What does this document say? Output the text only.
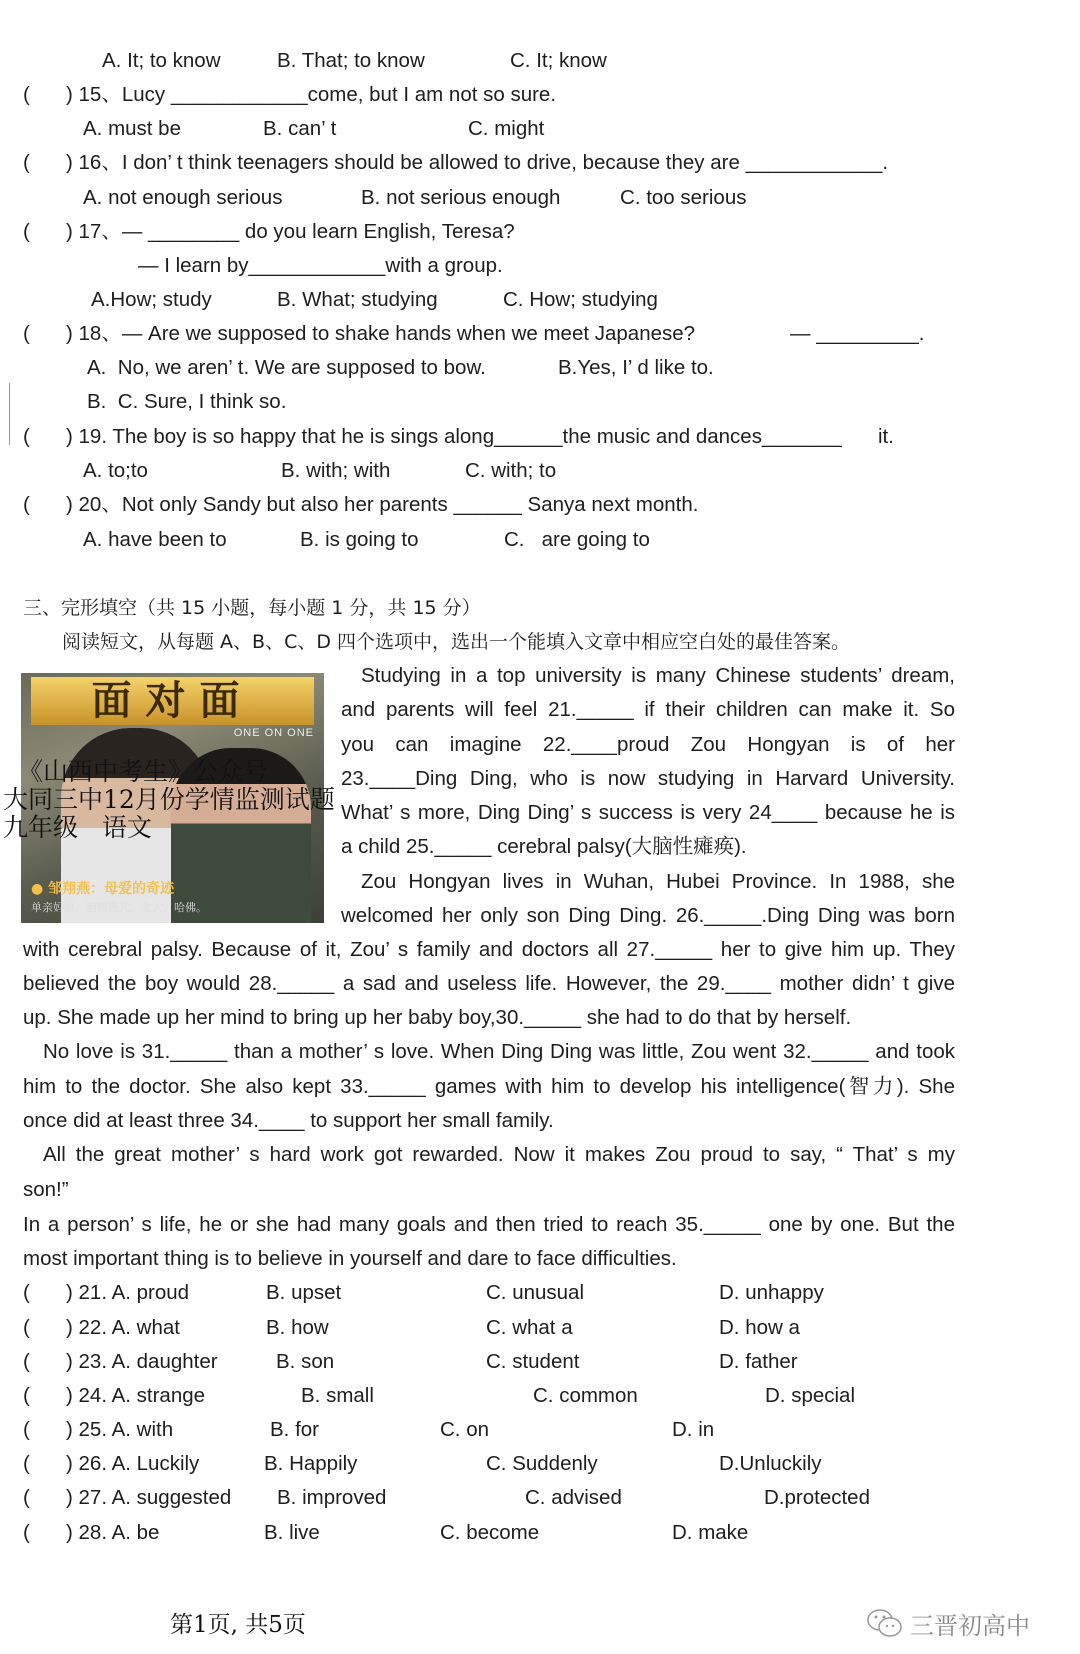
A. It; to know	B. That; to know	C. It; know
( ) 15、Lucy ____________come, but I am not so sure.
A. must be	B. can’ t	C. might
( ) 16、I don’ t think teenagers should be allowed to drive, because they are ____________.
A. not enough serious	B. not serious enough	C. too serious
( ) 17、— ________ do you learn English, Teresa?
— I learn by____________with a group.
A.How; study	B. What; studying	C. How; studying
( ) 18、— Are we supposed to shake hands when we meet Japanese?	— _________.
A.  No, we aren’ t. We are supposed to bow.	B.Yes, I’ d like to.
B.  C. Sure, I think so.
( ) 19. The boy is so happy that he is sings along______the music and dances_______ it.
A. to;to	B. with; with	C. with; to
( ) 20、Not only Sandy but also her parents ______ Sanya next month.
A. have been to	B. is going to	C.   are going to
三、完形填空（共 15 小题，每小题 1 分，共 15 分）
阅读短文，从每题 A、B、C、D 四个选项中，选出一个能填入文章中相应空白处的最佳答案。
面对面
ONE ON ONE
● 邹翔燕：母爱的奇迹
单亲妈妈，脑瘫患儿，北大，哈佛。
Studying in a top university is many Chinese students’ dream,
and parents will feel 21._____ if their children can make it. So
you can imagine 22.____proud Zou Hongyan is of her
23.____Ding Ding, who is now studying in Harvard University.
What’ s more, Ding Ding’ s success is very 24____ because he is
a child 25._____ cerebral palsy(大脑性瘫痪).
Zou Hongyan lives in Wuhan, Hubei Province. In 1988, she
welcomed her only son Ding Ding. 26._____.Ding Ding was born
with cerebral palsy. Because of it, Zou’ s family and doctors all 27._____ her to give him up. They
believed the boy would 28._____ a sad and useless life. However, the 29.____ mother didn’ t give
up. She made up her mind to bring up her baby boy,30._____ she had to do that by herself.
No love is 31._____ than a mother’ s love. When Ding Ding was little, Zou went 32._____ and took
him to the doctor. She also kept 33._____ games with him to develop his intelligence(智力). She
once did at least three 34.____ to support her small family.
All the great mother’ s hard work got rewarded. Now it makes Zou proud to say, “ That’ s my
son!”
In a person’ s life, he or she had many goals and then tried to reach 35._____ one by one. But the
most important thing is to believe in yourself and dare to face difficulties.
《山西中考生》公众号
大同三中12月份学情监测试题
九年级   语文
( ) 21. A. proud	B. upset	C. unusual	D. unhappy
( ) 22. A. what	B. how	C. what a	D. how a
( ) 23. A. daughter	B. son	C. student	D. father
( ) 24. A. strange	B. small	C. common	D. special
( ) 25. A. with	B. for	C. on	D. in
( ) 26. A. Luckily	B. Happily	C. Suddenly	D.Unluckily
( ) 27. A. suggested B. improved	C. advised	D.protected
( ) 28. A. be	B. live	C. become	D. make
第1页, 共5页	三晋初高中
